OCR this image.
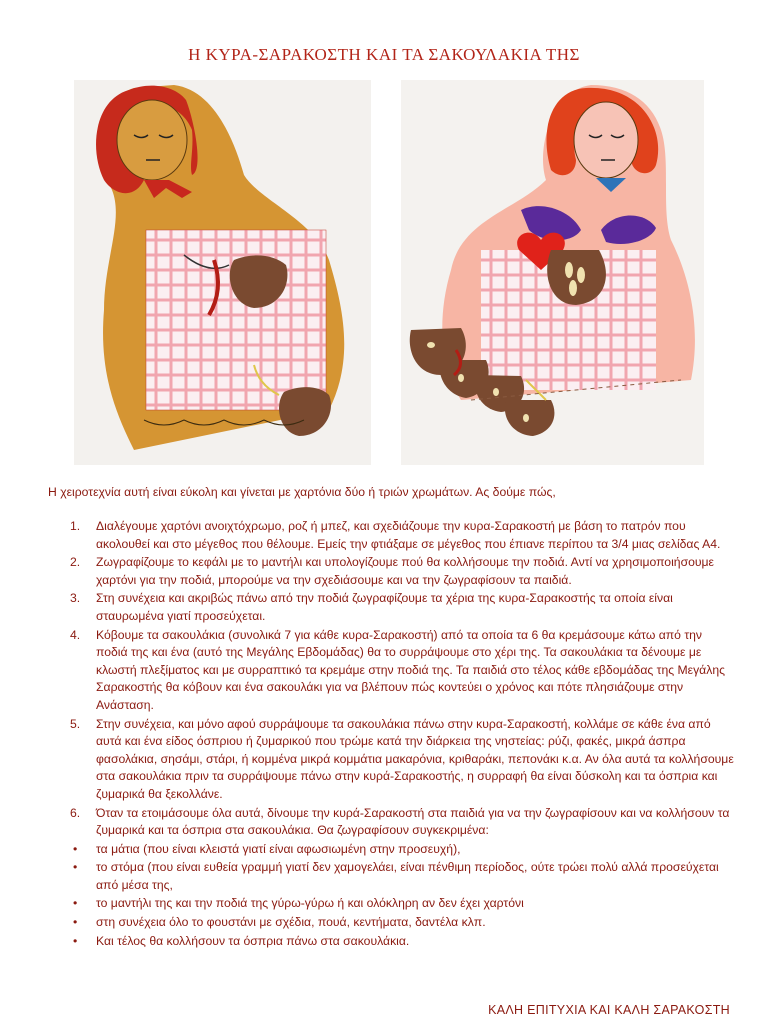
Η ΚΥΡΑ-ΣΑΡΑΚΟΣΤΗ ΚΑΙ ΤΑ ΣΑΚΟΥΛΑΚΙΑ ΤΗΣ
Η χειροτεχνία αυτή είναι εύκολη και γίνεται με χαρτόνια δύο ή τριών χρωμάτων. Ας δούμε πώς,
1. Διαλέγουμε χαρτόνι ανοιχτόχρωμο, ροζ ή μπεζ, και σχεδιάζουμε την κυρα-Σαρακοστή με βάση το πατρόν που ακολουθεί και στο μέγεθος που θέλουμε. Εμείς την φτιάξαμε σε μέγεθος που έπιανε περίπου τα 3/4 μιας σελίδας Α4.
2. Ζωγραφίζουμε το κεφάλι με το μαντήλι και υπολογίζουμε πού θα κολλήσουμε την ποδιά. Αντί να χρησιμοποιήσουμε χαρτόνι για την ποδιά, μπορούμε να την σχεδιάσουμε και να την ζωγραφίσουν τα παιδιά.
3. Στη συνέχεια και ακριβώς πάνω από την ποδιά ζωγραφίζουμε τα χέρια της κυρα-Σαρακοστής τα οποία είναι σταυρωμένα γιατί προσεύχεται.
4. Κόβουμε τα σακουλάκια (συνολικά 7 για κάθε κυρα-Σαρακοστή) από τα οποία τα 6 θα κρεμάσουμε κάτω από την ποδιά της και ένα (αυτό της Μεγάλης Εβδομάδας) θα το συρράψουμε στο χέρι της. Τα σακουλάκια τα δένουμε με κλωστή πλεξίματος και με συρραπτικό τα κρεμάμε στην ποδιά της. Τα παιδιά στο τέλος κάθε εβδομάδας της Μεγάλης Σαρακοστής θα κόβουν και ένα σακουλάκι για να βλέπουν πώς κοντεύει ο χρόνος και πότε πλησιάζουμε στην Ανάσταση.
5. Στην συνέχεια, και μόνο αφού συρράψουμε τα σακουλάκια πάνω στην κυρα-Σαρακοστή, κολλάμε σε κάθε ένα από αυτά και ένα είδος όσπριου ή ζυμαρικού που τρώμε κατά την διάρκεια της νηστείας: ρύζι, φακές, μικρά άσπρα φασολάκια, σησάμι, στάρι, ή κομμένα μικρά κομμάτια μακαρόνια, κριθαράκι, πεπονάκι κ.α. Αν όλα αυτά τα κολλήσουμε στα σακουλάκια πριν τα συρράψουμε πάνω στην κυρά-Σαρακοστής, η συρραφή θα είναι δύσκολη και τα όσπρια και ζυμαρικά θα ξεκολλάνε.
6. Όταν τα ετοιμάσουμε όλα αυτά, δίνουμε την κυρά-Σαρακοστή στα παιδιά για να την ζωγραφίσουν και να κολλήσουν τα ζυμαρικά και τα όσπρια στα σακουλάκια. Θα ζωγραφίσουν συγκεκριμένα:
• τα μάτια (που είναι κλειστά γιατί είναι αφωσιωμένη στην προσευχή),
• το στόμα (που είναι ευθεία γραμμή γιατί δεν χαμογελάει, είναι πένθιμη περίοδος, ούτε τρώει πολύ αλλά προσεύχεται από μέσα της,
• το μαντήλι της και την ποδιά της γύρω-γύρω ή και ολόκληρη αν δεν έχει χαρτόνι
• στη συνέχεια όλο το φουστάνι με σχέδια, πουά, κεντήματα, δαντέλα κλπ.
• Και τέλος θα κολλήσουν τα όσπρια πάνω στα σακουλάκια.
ΚΑΛΗ ΕΠΙΤΥΧΙΑ ΚΑΙ ΚΑΛΗ ΣΑΡΑΚΟΣΤΗ
